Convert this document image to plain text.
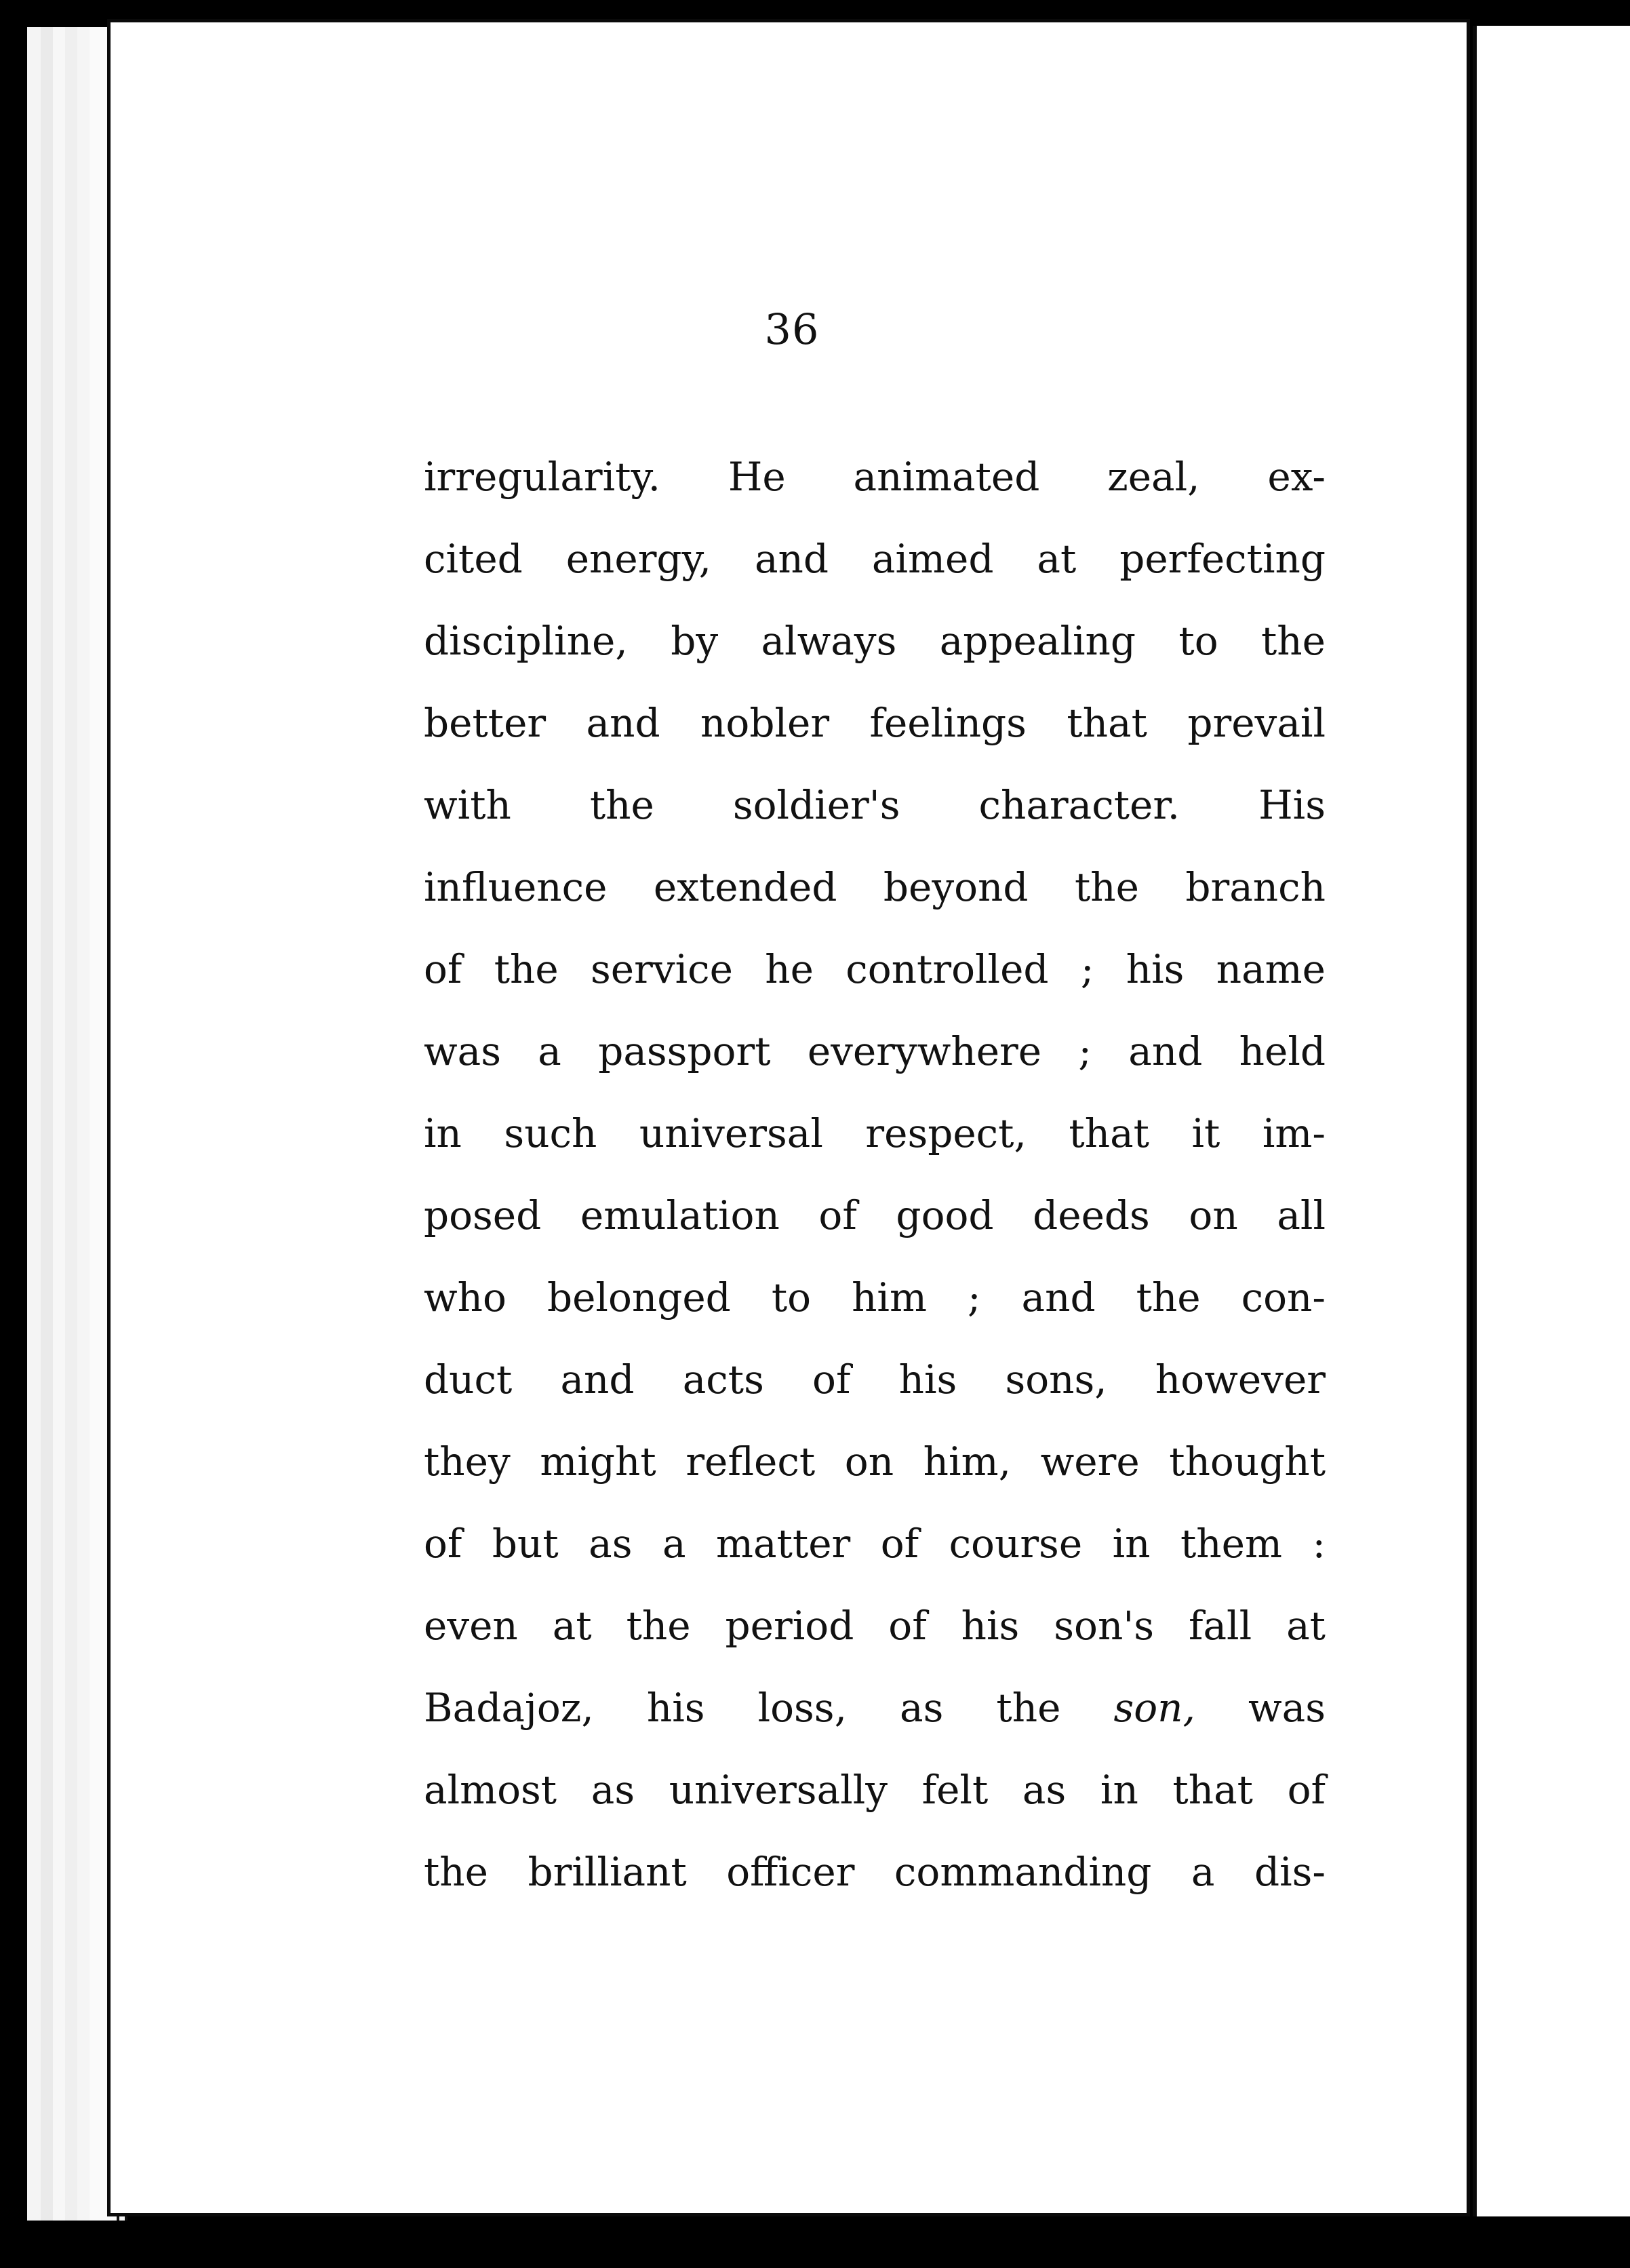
36
irregularity. He animated zeal, ex-
cited energy, and aimed at perfecting
discipline, by always appealing to the
better and nobler feelings that prevail
with the soldier's character. His
influence extended beyond the branch
of the service he controlled ; his name
was a passport everywhere ; and held
in such universal respect, that it im-
posed emulation of good deeds on all
who belonged to him ; and the con-
duct and acts of his sons, however
they might reflect on him, were thought
of but as a matter of course in them :
even at the period of his son's fall at
Badajoz, his loss, as the son, was
almost as universally felt as in that of
the brilliant officer commanding a dis-
